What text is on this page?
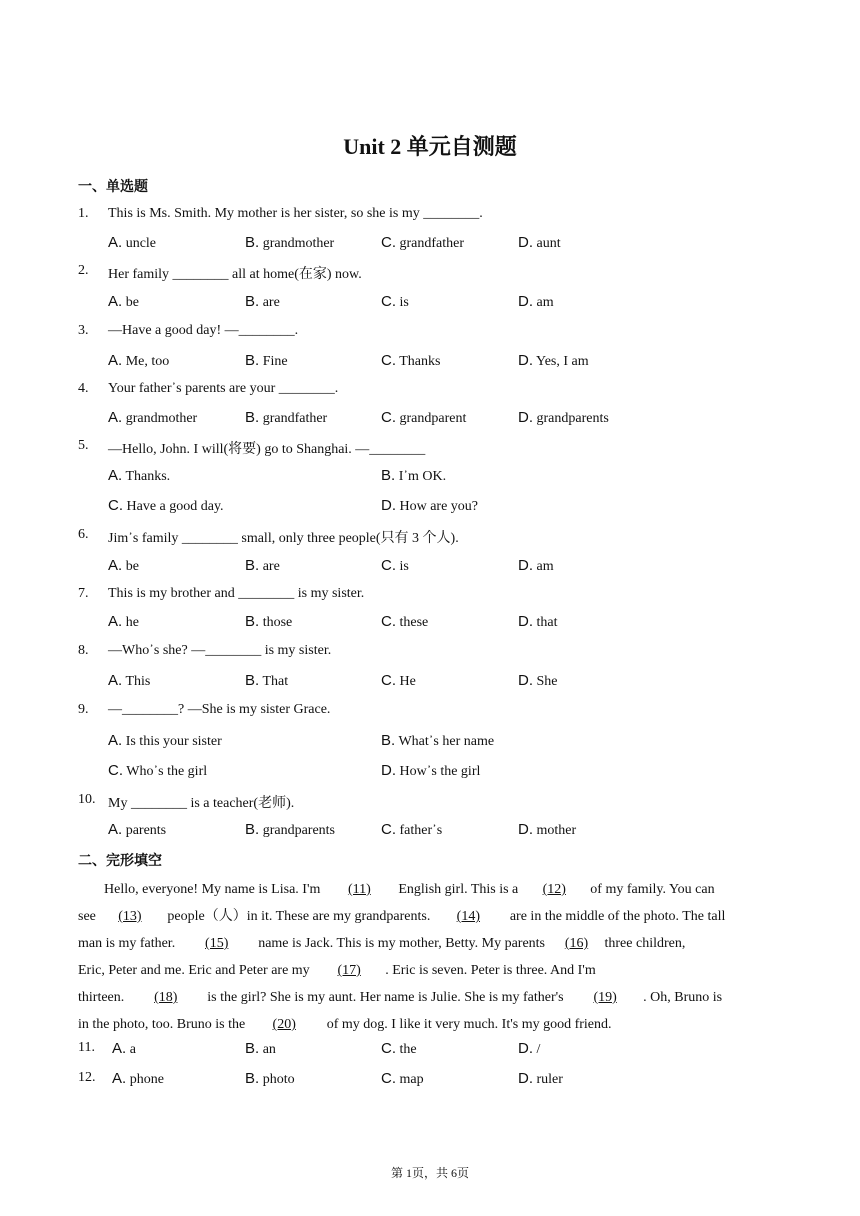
Unit 2 单元自测题
一、单选题
1.	This is Ms. Smith. My mother is her sister, so she is my ________.
A. uncle	B. grandmother	C. grandfather	D. aunt
2.	Her family ________ all at home(在家) now.
A. be	B. are	C. is	D. am
3.	—Have a good day! —________.
A. Me, too	B. Fine	C. Thanks	D. Yes, I am
4.	Your father᾽s parents are your ________.
A. grandmother	B. grandfather	C. grandparent	D. grandparents
5.	—Hello, John. I will(将要) go to Shanghai. —________
A. Thanks.	B. I᾽m OK.
C. Have a good day.	D. How are you?
6.	Jim᾽s family ________ small, only three people(只有 3 个人).
A. be	B. are	C. is	D. am
7.	This is my brother and ________ is my sister.
A. he	B. those	C. these	D. that
8.	—Who᾽s she? —________ is my sister.
A. This	B. That	C. He	D. She
9.	—________? —She is my sister Grace.
A. Is this your sister	B. What᾽s her name
C. Who᾽s the girl	D. How᾽s the girl
10. My ________ is a teacher(老师).
A. parents	B. grandparents	C. father᾽s	D. mother
二、完形填空
Hello, everyone! My name is Lisa. I'm (11) English girl. This is a (12) of my family. You can
see (13) people（人）in it. These are my grandparents. (14) are in the middle of the photo. The tall
man is my father. (15) name is Jack. This is my mother, Betty. My parents (16) three children,
Eric, Peter and me. Eric and Peter are my (17) . Eric is seven. Peter is three. And I'm
thirteen. (18) is the girl? She is my aunt. Her name is Julie. She is my father's (19) . Oh, Bruno is
in the photo, too. Bruno is the (20) of my dog. I like it very much. It's my good friend.
11.	A. a	B. an	C. the	D. /
12.	A. phone	B. photo	C. map	D. ruler
第 1页，共 6页
